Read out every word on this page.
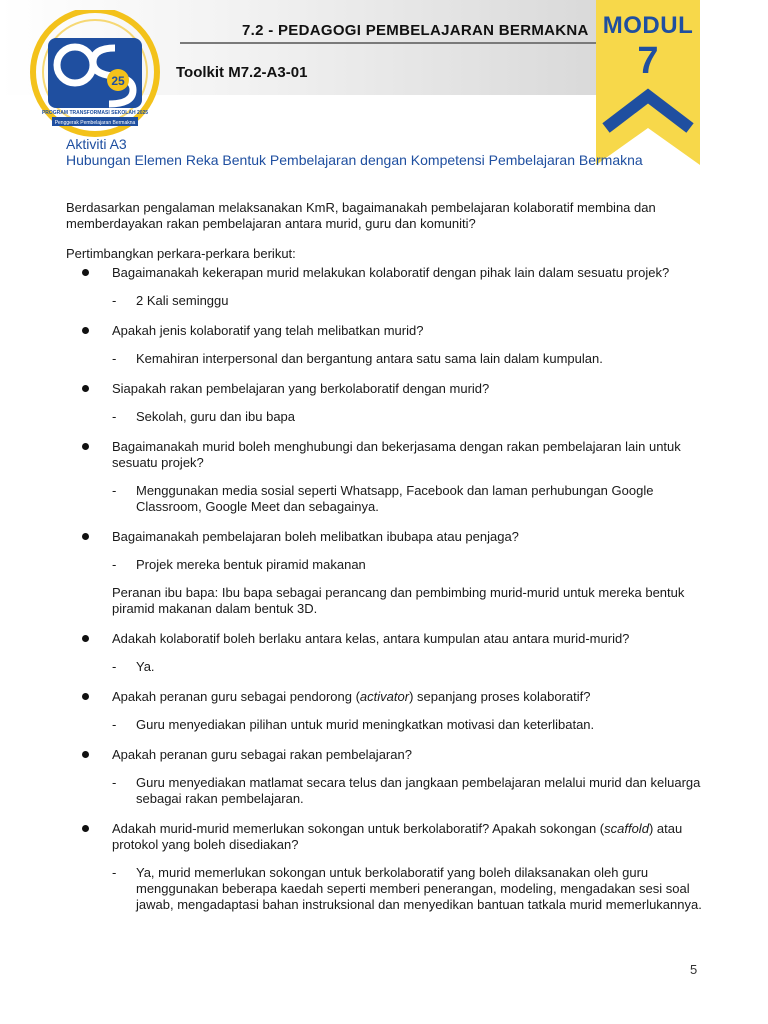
25
PROGRAM TRANSFORMASI SEKOLAH 2025
Penggerak Pembelajaran Bermakna
7.2 - PEDAGOGI PEMBELAJARAN BERMAKNA
Toolkit M7.2-A3-01
MODUL
7
Aktiviti A3
Hubungan Elemen Reka Bentuk Pembelajaran dengan Kompetensi Pembelajaran Bermakna

Berdasarkan pengalaman melaksanakan KmR, bagaimanakah pembelajaran kolaboratif membina dan memberdayakan rakan pembelajaran antara murid, guru dan komuniti?

Pertimbangkan perkara-perkara berikut:

Bagaimanakah kekerapan murid melakukan kolaboratif dengan pihak lain dalam sesuatu projek?

- 2 Kali seminggu

Apakah jenis kolaboratif yang telah melibatkan murid?

- Kemahiran interpersonal dan bergantung antara satu sama lain dalam kumpulan.

Siapakah rakan pembelajaran yang berkolaboratif dengan murid?

- Sekolah, guru dan ibu bapa

Bagaimanakah murid boleh menghubungi dan bekerjasama dengan rakan pembelajaran lain untuk sesuatu projek?

- Menggunakan media sosial seperti Whatsapp, Facebook dan laman perhubungan Google Classroom, Google Meet dan sebagainya.

Bagaimanakah pembelajaran boleh melibatkan ibubapa atau penjaga?

- Projek mereka bentuk piramid makanan

Peranan ibu bapa: Ibu bapa sebagai perancang dan pembimbing murid-murid untuk mereka bentuk piramid makanan dalam bentuk 3D.

Adakah kolaboratif boleh berlaku antara kelas, antara kumpulan atau antara murid-murid?

- Ya.

Apakah peranan guru sebagai pendorong (activator) sepanjang proses kolaboratif?

- Guru menyediakan pilihan untuk murid meningkatkan motivasi dan keterlibatan.

Apakah peranan guru sebagai rakan pembelajaran?

- Guru menyediakan matlamat secara telus dan jangkaan pembelajaran melalui murid dan keluarga sebagai rakan pembelajaran.

Adakah murid-murid memerlukan sokongan untuk berkolaboratif? Apakah sokongan (scaffold) atau protokol yang boleh disediakan?

- Ya, murid memerlukan sokongan untuk berkolaboratif yang boleh dilaksanakan oleh guru menggunakan beberapa kaedah seperti memberi penerangan, modeling, mengadakan sesi soal jawab, mengadaptasi bahan instruksional dan menyedikan bantuan tatkala murid memerlukannya.

5
